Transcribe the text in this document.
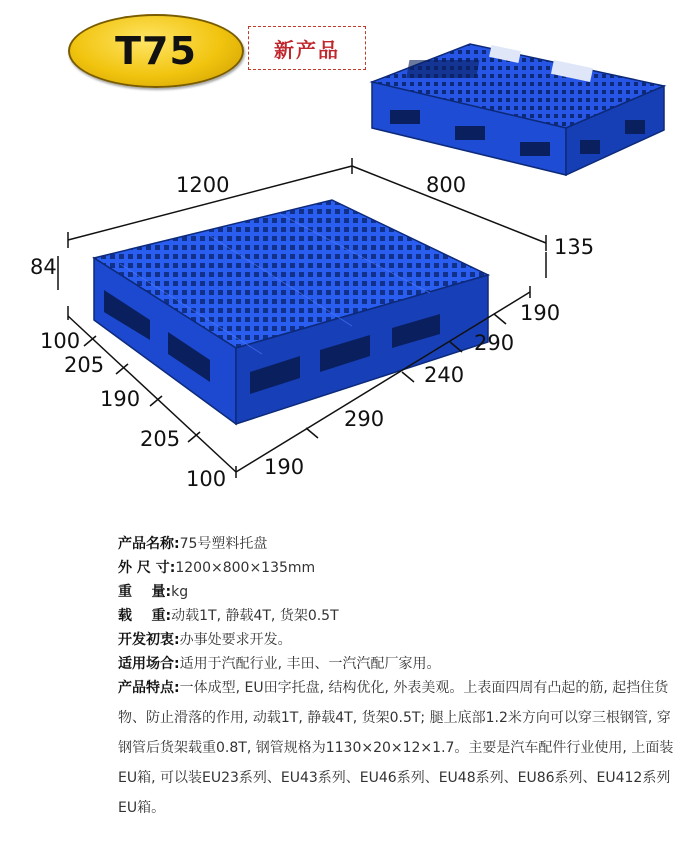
T75	新产品
1200	800
84
135
100
205
190
205
100
190
290
240
290
190
产品名称: 75号塑料托盘
外 尺 寸: 1200×800×135mm
重    量: kg
载    重: 动载1T, 静载4T, 货架0.5T
开发初衷: 办事处要求开发。
适用场合: 适用于汽配行业, 丰田、一汽汽配厂家用。
产品特点:一体成型, EU田字托盘, 结构优化, 外表美观。上表面四周有凸起的筋, 起挡住货物、防止滑落的作用, 动载1T, 静载4T, 货架0.5T; 腿上底部1.2米方向可以穿三根钢管, 穿钢管后货架载重0.8T, 钢管规格为1130×20×12×1.7。主要是汽车配件行业使用, 上面装EU箱, 可以装EU23系列、EU43系列、EU46系列、EU48系列、EU86系列、EU412系列EU箱。
